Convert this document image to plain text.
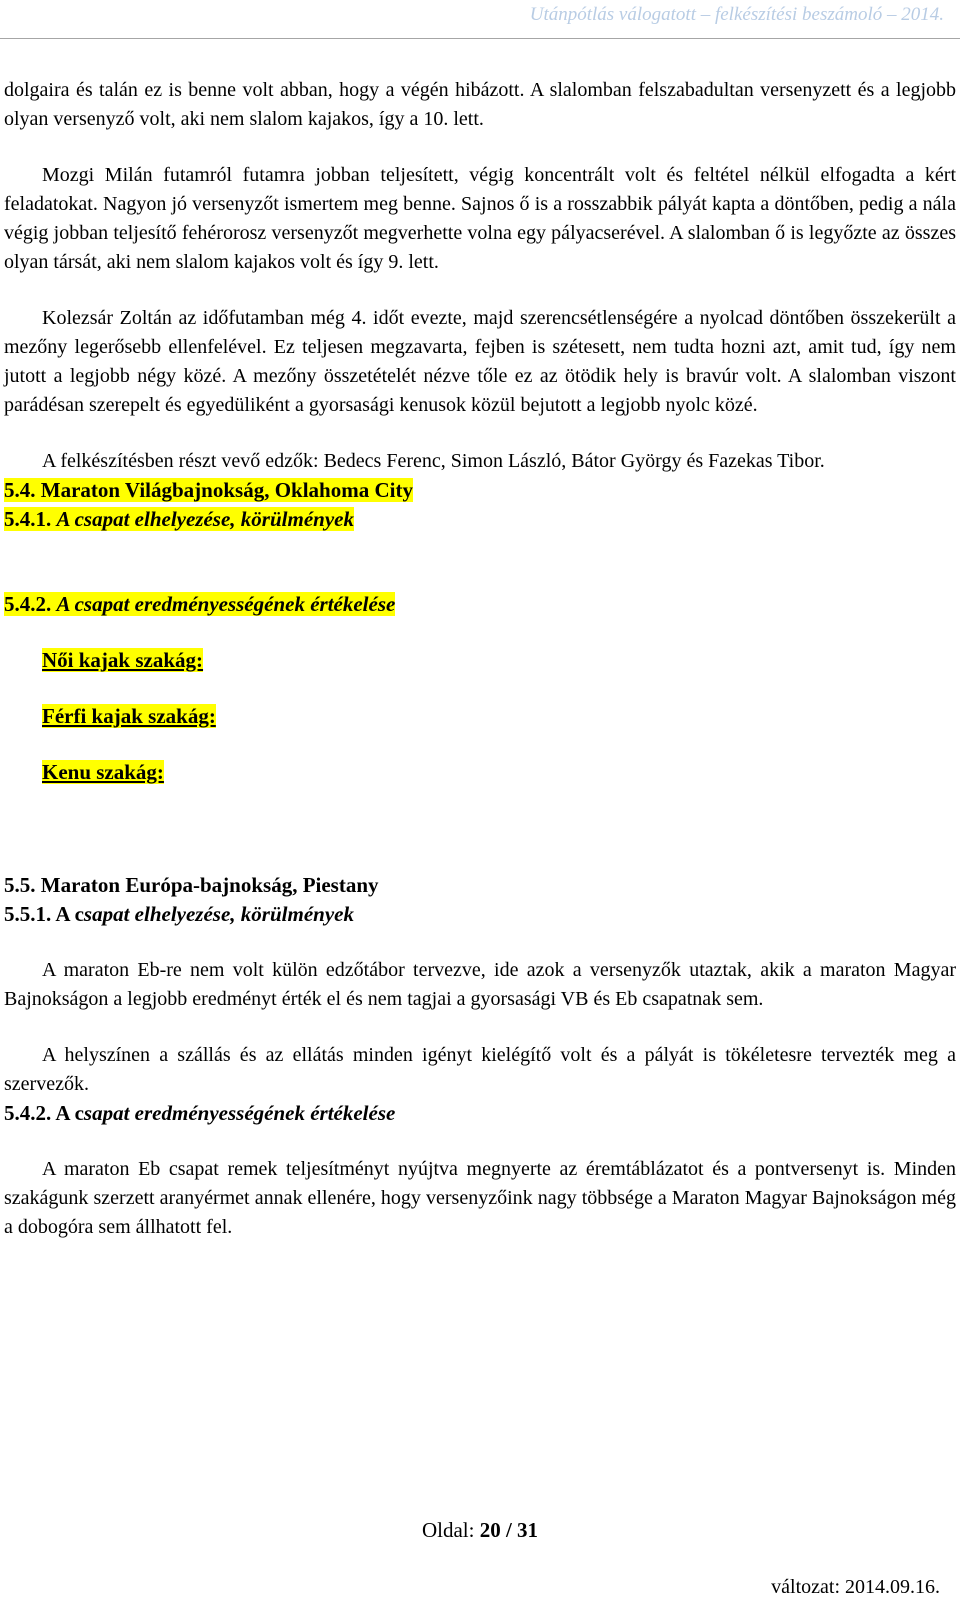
Utánpótlás válogatott – felkészítési beszámoló – 2014.

dolgaira és talán ez is benne volt abban, hogy a végén hibázott. A slalomban felszabadultan versenyzett és a legjobb olyan versenyző volt, aki nem slalom kajakos, így a 10. lett.

Mozgi Milán futamról futamra jobban teljesített, végig koncentrált volt és feltétel nélkül elfogadta a kért feladatokat. Nagyon jó versenyzőt ismertem meg benne. Sajnos ő is a rosszabbik pályát kapta a döntőben, pedig a nála végig jobban teljesítő fehérorosz versenyzőt megverhette volna egy pályacserével. A slalomban ő is legyőzte az összes olyan társát, aki nem slalom kajakos volt és így 9. lett.

Kolezsár Zoltán az időfutamban még 4. időt evezte, majd szerencsétlenségére a nyolcad döntőben összekerült a mezőny legerősebb ellenfelével. Ez teljesen megzavarta, fejben is szétesett, nem tudta hozni azt, amit tud, így nem jutott a legjobb négy közé. A mezőny összetételét nézve tőle ez az ötödik hely is bravúr volt. A slalomban viszont parádésan szerepelt és egyedüliként a gyorsasági kenusok közül bejutott a legjobb nyolc közé.

A felkészítésben részt vevő edzők: Bedecs Ferenc, Simon László, Bátor György és Fazekas Tibor.

5.4. Maraton Világbajnokság, Oklahoma City
5.4.1. A csapat elhelyezése, körülmények
5.4.2. A csapat eredményességének értékelése
Női kajak szakág:
Férfi kajak szakág:
Kenu szakág:
5.5. Maraton Európa-bajnokság, Piestany
5.5.1. A csapat elhelyezése, körülmények

A maraton Eb-re nem volt külön edzőtábor tervezve, ide azok a versenyzők utaztak, akik a maraton Magyar Bajnokságon a legjobb eredményt érték el és nem tagjai a gyorsasági VB és Eb csapatnak sem.

A helyszínen a szállás és az ellátás minden igényt kielégítő volt és a pályát is tökéletesre tervezték meg a szervezők.

5.4.2. A csapat eredményességének értékelése

A maraton Eb csapat remek teljesítményt nyújtva megnyerte az éremtáblázatot és a pontversenyt is. Minden szakágunk szerzett aranyérmet annak ellenére, hogy versenyzőink nagy többsége a Maraton Magyar Bajnokságon még a dobogóra sem állhatott fel.

Oldal: 20 / 31
változat: 2014.09.16.
